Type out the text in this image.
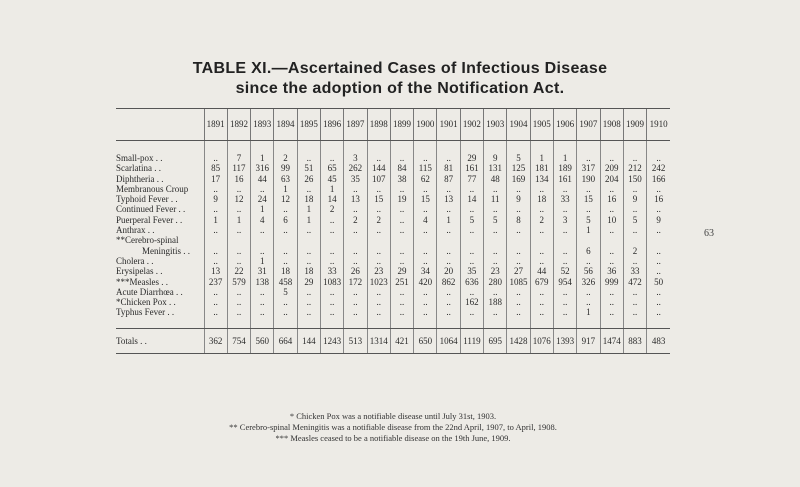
TABLE XI.—Ascertained Cases of Infectious Disease
since the adoption of the Notification Act.
	1891	1892	1893	1894	1895	1896	1897	1898	1899	1900	1901	1902	1903	1904	1905	1906	1907	1908	1909	1910

Small-pox . .	..	7	1	2	..	..	3	..	..	..	..	29	9	5	1	1	..	..	..	..
Scarlatina . .	85	117	316	99	51	65	262	144	84	115	81	161	131	125	181	189	317	209	212	242
Diphtheria . .	17	16	44	63	26	45	35	107	38	62	87	77	48	169	134	161	190	204	150	166
Membranous Croup	..	..	..	1	..	1	..	..	..	..	..	..	..	..	..	..	..	..	..	..
Typhoid Fever . .	9	12	24	12	18	14	13	15	19	15	13	14	11	9	18	33	15	16	9	16
Continued Fever . .	..	..	1	..	1	2	..	..	..	..	..	..	..	..	..	..	..	..	..	..
Puerperal Fever . .	1	1	4	6	1	..	2	2	..	4	1	5	5	8	2	3	5	10	5	9
Anthrax . .	..	..	..	..	..	..	..	..	..	..	..	..	..	..	..	..	1	..	..	..
**Cerebro-spinal																				
Meningitis . .	..	..	..	..	..	..	..	..	..	..	..	..	..	..	..	..	6	..	2	..
Cholera . .	..	..	1	..	..	..	..	..	..	..	..	..	..	..	..	..	..	..	..	..
Erysipelas . .	13	22	31	18	18	33	26	23	29	34	20	35	23	27	44	52	56	36	33	..
***Measles . .	237	579	138	458	29	1083	172	1023	251	420	862	636	280	1085	679	954	326	999	472	50
Acute Diarrhœa . .	..	..	..	5	..	..	..	..	..	..	..	..	..	..	..	..	..	..	..	..
*Chicken Pox . .	..	..	..	..	..	..	..	..	..	..	..	162	188	..	..	..	..	..	..	..
Typhus Fever . .	..	..	..	..	..	..	..	..	..	..	..	..	..	..	..	..	1	..	..	..

Totals . .	362	754	560	664	144	1243	513	1314	421	650	1064	1119	695	1428	1076	1393	917	1474	883	483
* Chicken Pox was a notifiable disease until July 31st, 1903.
** Cerebro-spinal Meningitis was a notifiable disease from the 22nd April, 1907, to April, 1908.
*** Measles ceased to be a notifiable disease on the 19th June, 1909.
63
